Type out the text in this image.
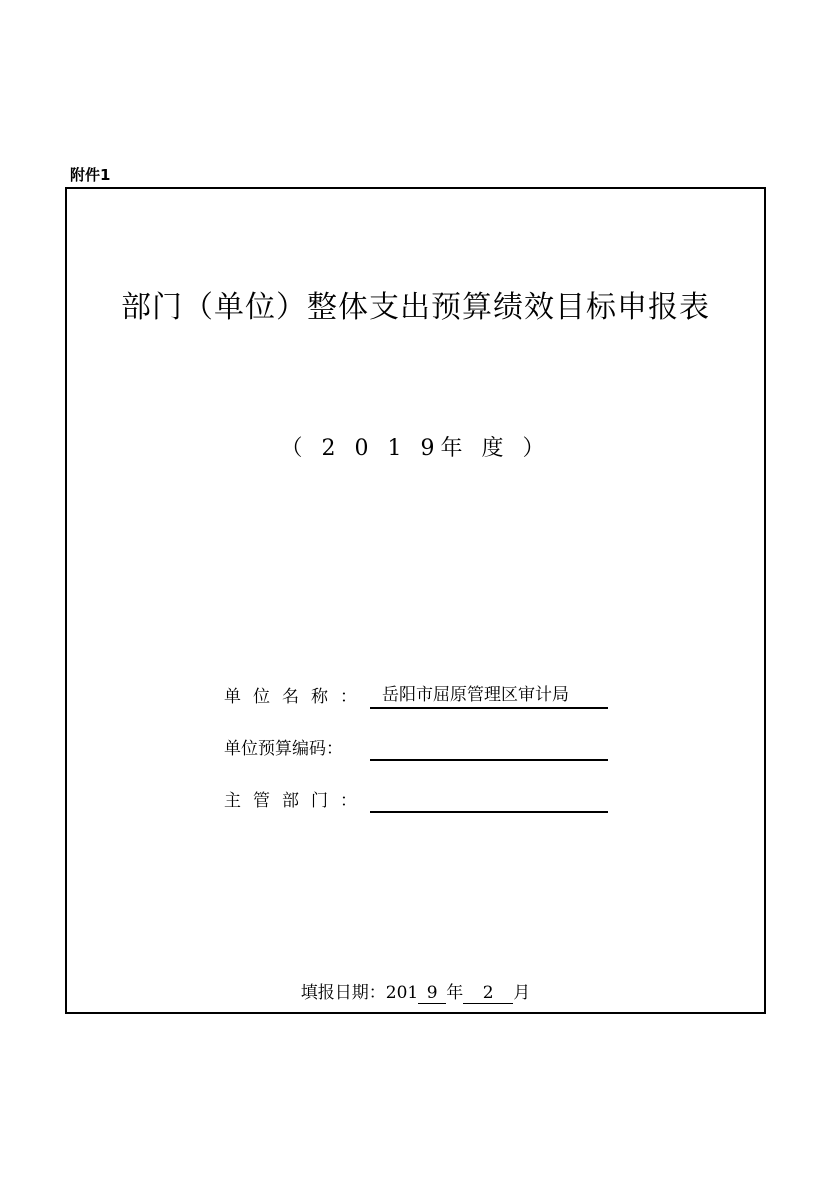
附件1
部门（单位）整体支出预算绩效目标申报表
（ 2 0 1 9年 度 ）
单位名称： 岳阳市屈原管理区审计局
单位预算编码：
主管部门：
填报日期：201 9 年 2 月
